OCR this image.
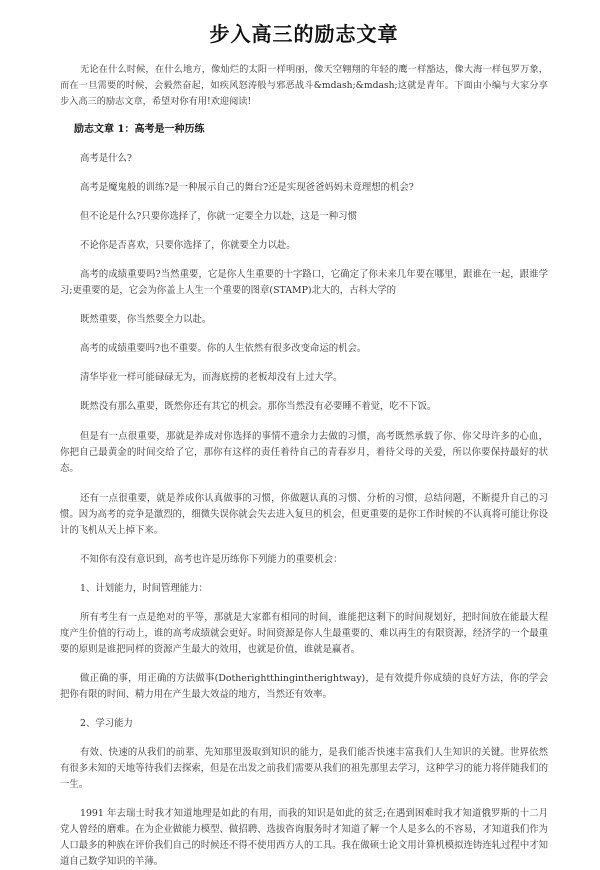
步入高三的励志文章
无论在什么时候，在什么地方，像灿烂的太阳一样明丽，像天空翱翔的年轻的鹰一样豁达，像大海一样包罗万象，而在一旦需要的时候，会毅然奋起，如疾风怒涛般与邪恶战斗&mdash;&mdash;这就是青年。下面由小编与大家分享步入高三的励志文章，希望对你有用!欢迎阅读!
励志文章 1：高考是一种历练

高考是什么?

高考是魔鬼般的训练?是一种展示自己的舞台?还是实现爸爸妈妈未竟理想的机会?

但不论是什么?只要你选择了，你就一定要全力以赴，这是一种习惯

不论你是否喜欢，只要你选择了，你就要全力以赴。

高考的成绩重要吗?当然重要，它是你人生重要的十字路口，它确定了你未来几年要在哪里，跟谁在一起，跟谁学习;更重要的是，它会为你盖上人生一个重要的图章(STAMP)北大的，古科大学的

既然重要，你当然要全力以赴。

高考的成绩重要吗?也不重要。你的人生依然有很多改变命运的机会。

清华毕业一样可能碌碌无为，而海底捞的老板却没有上过大学。

既然没有那么重要，既然你还有其它的机会。那你当然没有必要睡不着觉，吃不下饭。

但是有一点很重要，那就是养成对你选择的事情不遗余力去做的习惯，高考既然承载了你、你父母许多的心血，你把自己最黄金的时间交给了它，那你有这样的责任着待自己的青春岁月，着待父母的关爱，所以你要保持最好的状态。

还有一点很重要，就是养成你认真做事的习惯，你做题认真的习惯、分析的习惯，总结问题，不断提升自己的习惯。因为高考的竞争是激烈的，细微失误你就会失去进入复旦的机会，但更重要的是你工作时候的不认真将可能让你设计的飞机从天上掉下来。

不知你有没有意识到，高考也许是历练你下列能力的重要机会：

1、计划能力，时间管理能力：

所有考生有一点是绝对的平等，那就是大家都有相同的时间，谁能把这剩下的时间规划好，把时间放在能最大程度产生价值的行动上，谁的高考成绩就会更好。时间资源是你人生最重要的、难以再生的有限资源，经济学的一个最重要的原则是谁把同样的资源产生最大的效用，也就是价值，谁就是赢者。

做正确的事，用正确的方法做事(Dotherightthingintherightway)，是有效提升你成绩的良好方法，你的学会把你有限的时间、精力用在产生最大效益的地方，当然还有效率。

2、学习能力

有效、快速的从我们的前辈、先知那里汲取到知识的能力，是我们能否快速丰富我们人生知识的关键。世界依然有很多未知的天地等待我们去探索，但是在出发之前我们需要从我们的祖先那里去学习，这种学习的能力将伴随我们的一生。

1991 年去瑞士时我才知道地理是如此的有用，而我的知识是如此的贫乏;在遇到困难时我才知道俄罗斯的十二月党人曾经的磨难。在为企业做能力模型、做招聘、选拔咨询服务时才知道了解一个人是多么的不容易，才知道我们作为人口最多的种族在评价我们自己的时候还不得不使用西方人的工具。我在做硕士论文用计算机模拟连铸连轧过程中才知道自己数学知识的羊薄。
